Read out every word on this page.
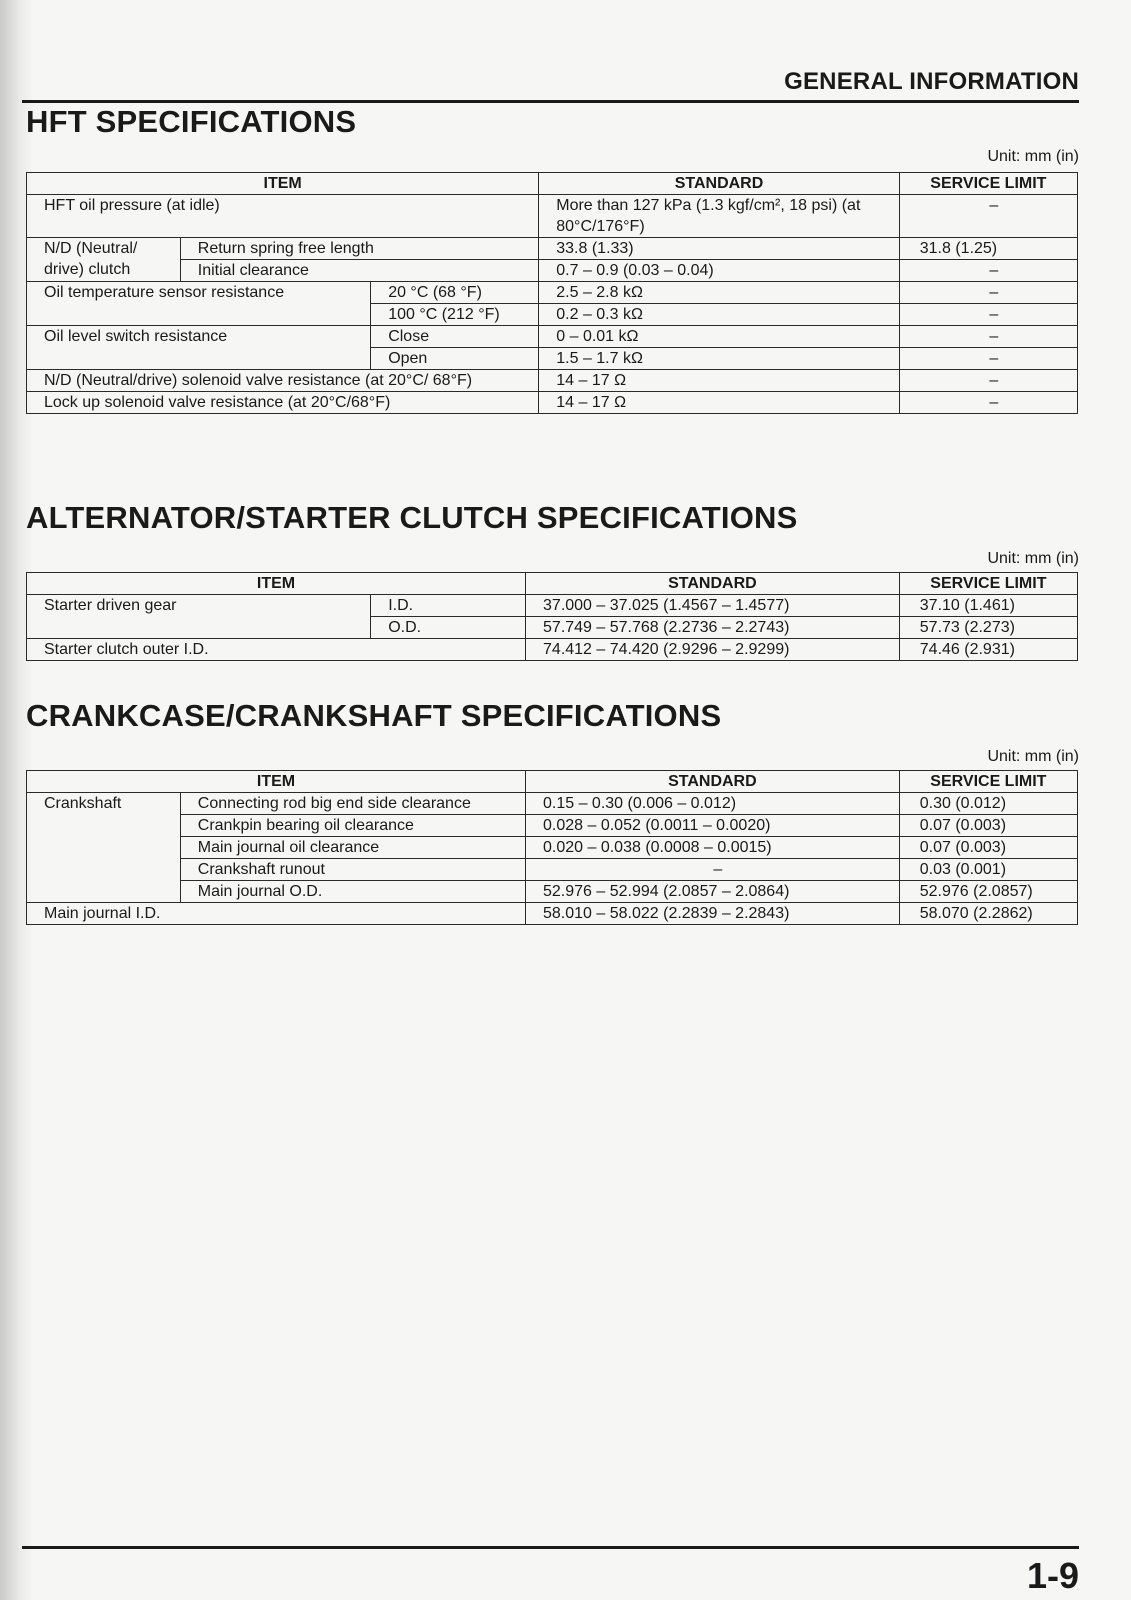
GENERAL INFORMATION
HFT SPECIFICATIONS
Unit: mm (in)
ITEM			STANDARD	SERVICE LIMIT
HFT oil pressure (at idle)			More than 127 kPa (1.3 kgf/cm², 18 psi) (at 80°C/176°F)	–
N/D (Neutral/ drive) clutch	Return spring free length		33.8 (1.33)	31.8 (1.25)
	Initial clearance		0.7 – 0.9 (0.03 – 0.04)	–
Oil temperature sensor resistance		20 °C (68 °F)	2.5 – 2.8 kΩ	–
		100 °C (212 °F)	0.2 – 0.3 kΩ	–
Oil level switch resistance		Close	0 – 0.01 kΩ	–
		Open	1.5 – 1.7 kΩ	–
N/D (Neutral/drive) solenoid valve resistance (at 20°C/ 68°F)			14 – 17 Ω	–
Lock up solenoid valve resistance (at 20°C/68°F)			14 – 17 Ω	–
ALTERNATOR/STARTER CLUTCH SPECIFICATIONS
Unit: mm (in)
ITEM		STANDARD	SERVICE LIMIT
Starter driven gear	I.D.	37.000 – 37.025 (1.4567 – 1.4577)	37.10 (1.461)
	O.D.	57.749 – 57.768 (2.2736 – 2.2743)	57.73 (2.273)
Starter clutch outer I.D.		74.412 – 74.420 (2.9296 – 2.9299)	74.46 (2.931)
CRANKCASE/CRANKSHAFT SPECIFICATIONS
Unit: mm (in)
ITEM		STANDARD	SERVICE LIMIT
Crankshaft	Connecting rod big end side clearance	0.15 – 0.30 (0.006 – 0.012)	0.30 (0.012)
	Crankpin bearing oil clearance	0.028 – 0.052 (0.0011 – 0.0020)	0.07 (0.003)
	Main journal oil clearance	0.020 – 0.038 (0.0008 – 0.0015)	0.07 (0.003)
	Crankshaft runout	–	0.03 (0.001)
	Main journal O.D.	52.976 – 52.994 (2.0857 – 2.0864)	52.976 (2.0857)
Main journal I.D.		58.010 – 58.022 (2.2839 – 2.2843)	58.070 (2.2862)
1-9
